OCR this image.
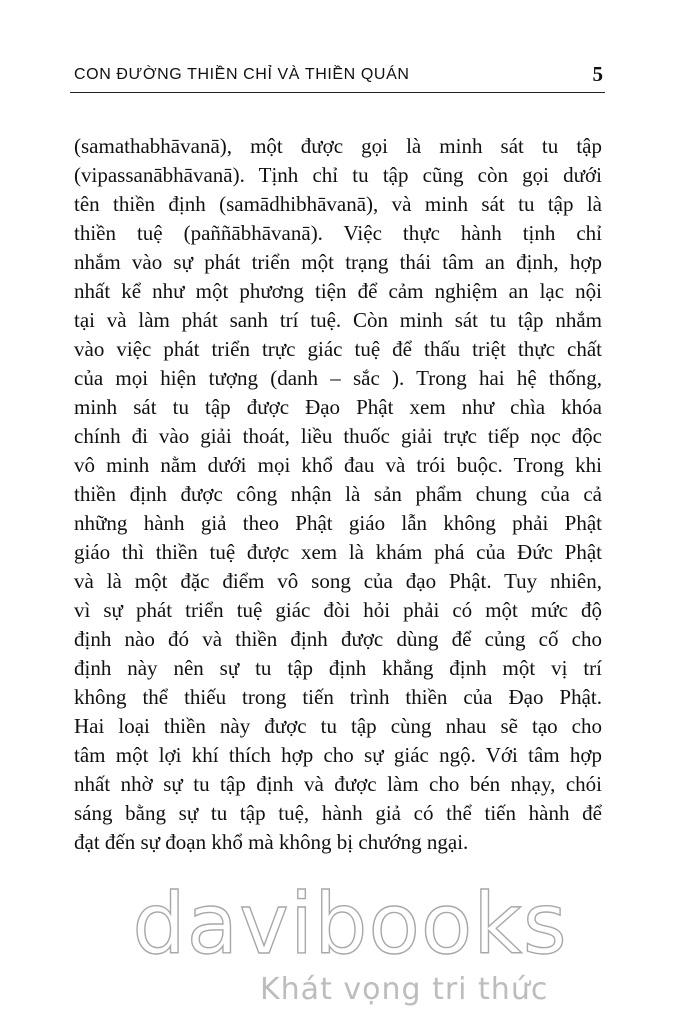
CON ĐƯỜNG THIỀN CHỈ VÀ THIỀN QUÁN	5
(samathabhāvanā), một được gọi là minh sát tu tập
(vipassanābhāvanā). Tịnh chỉ tu tập cũng còn gọi dưới
tên thiền định (samādhibhāvanā), và minh sát tu tập là
thiền tuệ (paññābhāvanā). Việc thực hành tịnh chỉ
nhắm vào sự phát triển một trạng thái tâm an định, hợp
nhất kể như một phương tiện để cảm nghiệm an lạc nội
tại và làm phát sanh trí tuệ. Còn minh sát tu tập nhắm
vào việc phát triển trực giác tuệ để thấu triệt thực chất
của mọi hiện tượng (danh – sắc ). Trong hai hệ thống,
minh sát tu tập được Đạo Phật xem như chìa khóa
chính đi vào giải thoát, liều thuốc giải trực tiếp nọc độc
vô minh nằm dưới mọi khổ đau và trói buộc. Trong khi
thiền định được công nhận là sản phẩm chung của cả
những hành giả theo Phật giáo lẫn không phải Phật
giáo thì thiền tuệ được xem là khám phá của Đức Phật
và là một đặc điểm vô song của đạo Phật. Tuy nhiên,
vì sự phát triển tuệ giác đòi hỏi phải có một mức độ
định nào đó và thiền định được dùng để củng cố cho
định này nên sự tu tập định khẳng định một vị trí
không thể thiếu trong tiến trình thiền của Đạo Phật.
Hai loại thiền này được tu tập cùng nhau sẽ tạo cho
tâm một lợi khí thích hợp cho sự giác ngộ. Với tâm hợp
nhất nhờ sự tu tập định và được làm cho bén nhạy, chói
sáng bằng sự tu tập tuệ, hành giả có thể tiến hành để
đạt đến sự đoạn khổ mà không bị chướng ngại.
davibooks
Khát vọng tri thức
